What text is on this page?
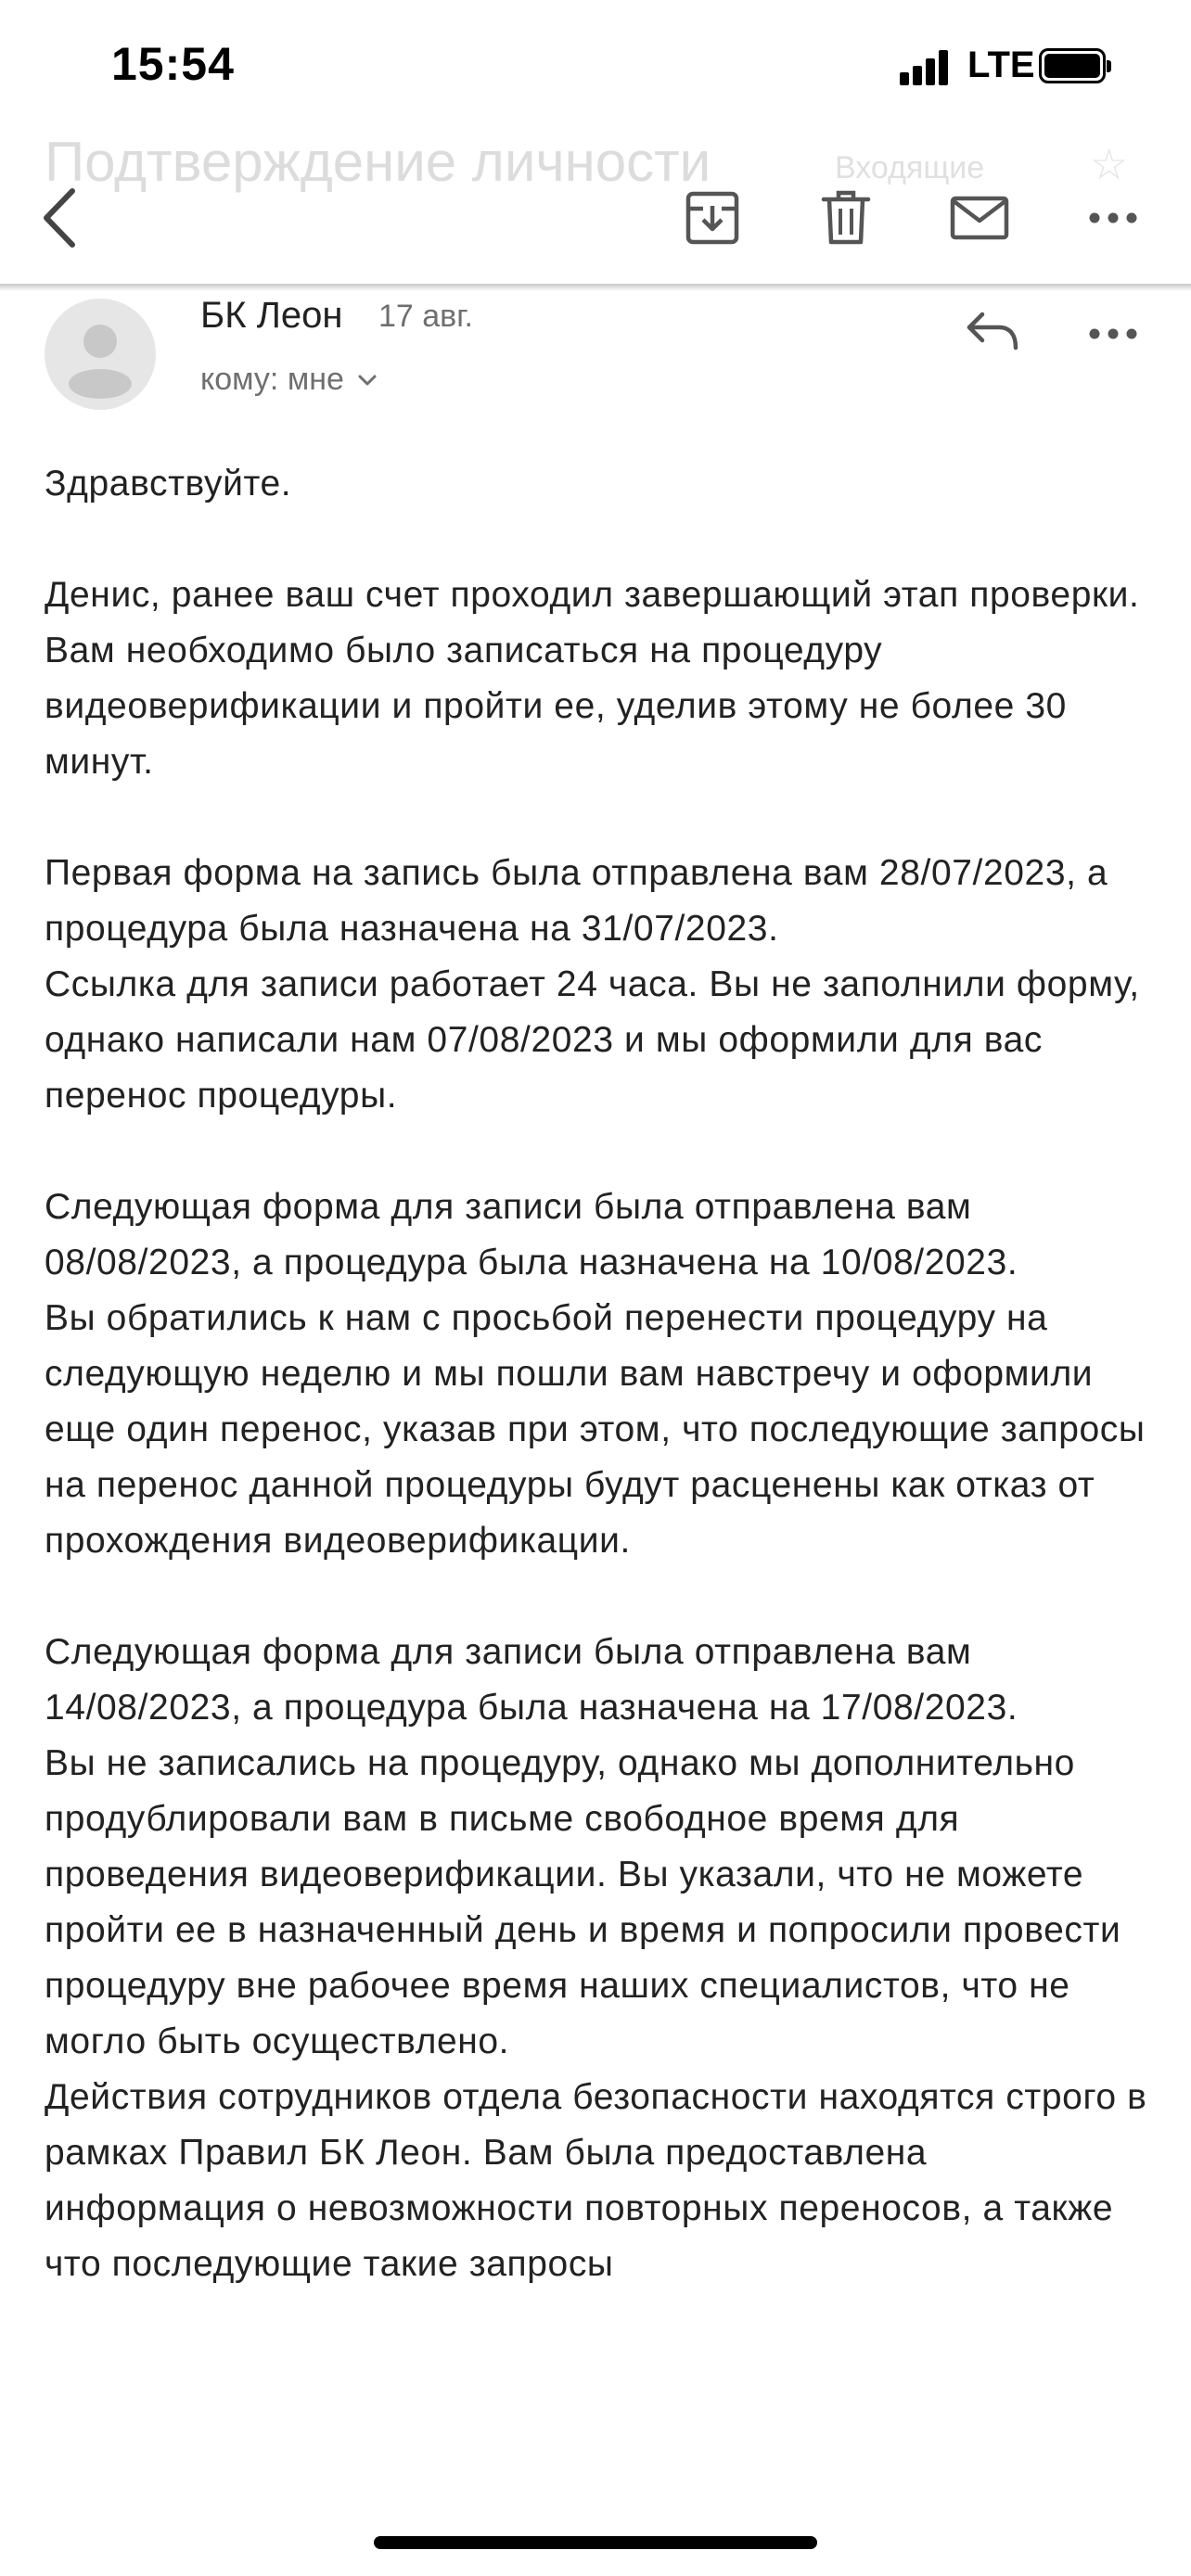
15:54	LTE
Подтверждение личности	Входящие ☆
БК Леон 17 авг.
кому: мне

Здравствуйте.

Денис, ранее ваш счет проходил завершающий этап проверки.
Вам необходимо было записаться на процедуру видеоверификации и пройти ее, уделив этому не более 30 минут.

Первая форма на запись была отправлена вам 28/07/2023, а процедура была назначена на 31/07/2023.
Ссылка для записи работает 24 часа. Вы не заполнили форму, однако написали нам 07/08/2023 и мы оформили для вас перенос процедуры.

Следующая форма для записи была отправлена вам 08/08/2023, а процедура была назначена на 10/08/2023.
Вы обратились к нам с просьбой перенести процедуру на следующую неделю и мы пошли вам навстречу и оформили еще один перенос, указав при этом, что последующие запросы на перенос данной процедуры будут расценены как отказ от прохождения видеоверификации.

Следующая форма для записи была отправлена вам 14/08/2023, а процедура была назначена на 17/08/2023.
Вы не записались на процедуру, однако мы дополнительно продублировали вам в письме свободное время для проведения видеоверификации. Вы указали, что не можете пройти ее в назначенный день и время и попросили провести процедуру вне рабочее время наших специалистов, что не могло быть осуществлено.
Действия сотрудников отдела безопасности находятся строго в рамках Правил БК Леон. Вам была предоставлена информация о невозможности повторных переносов, а также что последующие такие запросы
